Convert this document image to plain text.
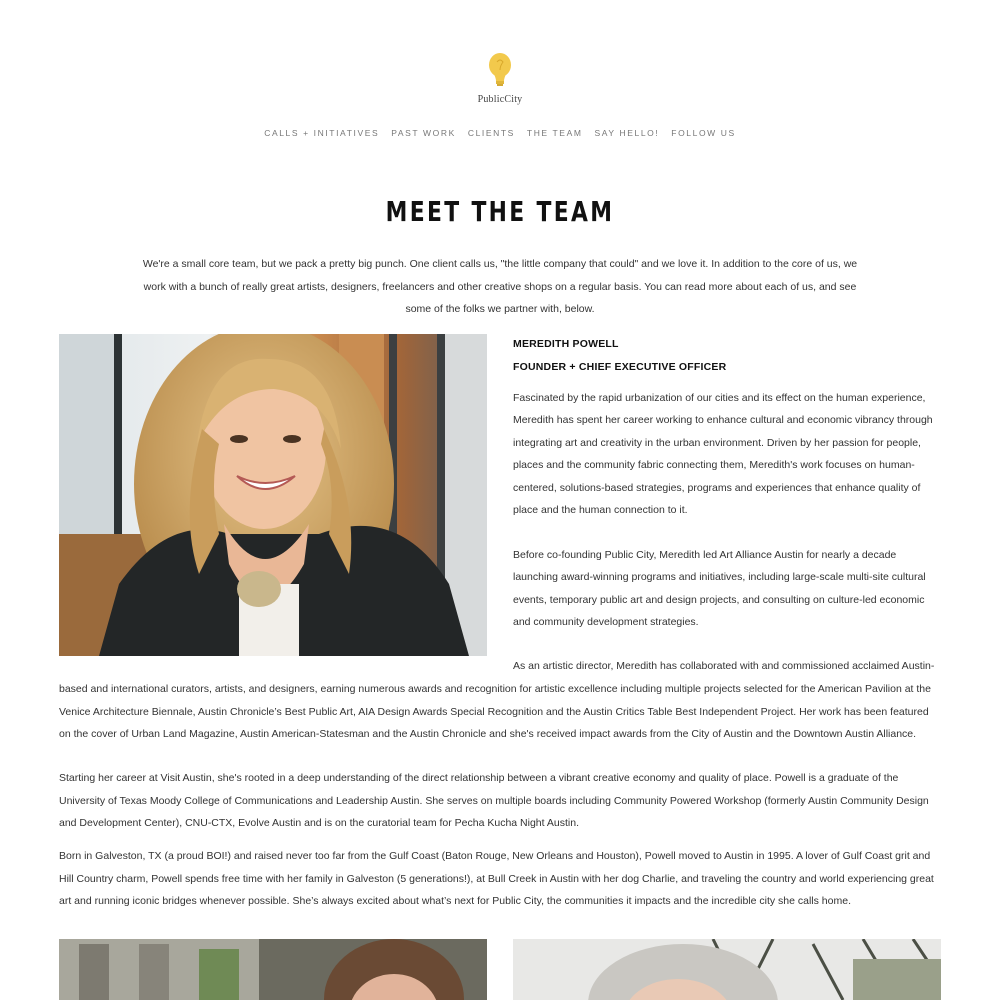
PublicCity
CALLS + INITIATIVES PAST WORK CLIENTS THE TEAM SAY HELLO! FOLLOW US
MEET THE TEAM

We're a small core team, but we pack a pretty big punch. One client calls us, "the little company that could" and we love it. In addition to the core of us, we work with a bunch of really great artists, designers, freelancers and other creative shops on a regular basis. You can read more about each of us, and see some of the folks we partner with, below.

MEREDITH POWELL
FOUNDER + CHIEF EXECUTIVE OFFICER

Fascinated by the rapid urbanization of our cities and its effect on the human experience, Meredith has spent her career working to enhance cultural and economic vibrancy through integrating art and creativity in the urban environment. Driven by her passion for people, places and the community fabric connecting them, Meredith's work focuses on human-centered, solutions-based strategies, programs and experiences that enhance quality of place and the human connection to it.

Before co-founding Public City, Meredith led Art Alliance Austin for nearly a decade launching award-winning programs and initiatives, including large-scale multi-site cultural events, temporary public art and design projects, and consulting on culture-led economic and community development strategies.

As an artistic director, Meredith has collaborated with and commissioned acclaimed Austin-

based and international curators, artists, and designers, earning numerous awards and recognition for artistic excellence including multiple projects selected for the American Pavilion at the Venice Architecture Biennale, Austin Chronicle’s Best Public Art, AIA Design Awards Special Recognition and the Austin Critics Table Best Independent Project. Her work has been featured on the cover of Urban Land Magazine, Austin American-Statesman and the Austin Chronicle and she's received impact awards from the City of Austin and the Downtown Austin Alliance.

Starting her career at Visit Austin, she's rooted in a deep understanding of the direct relationship between a vibrant creative economy and quality of place. Powell is a graduate of the University of Texas Moody College of Communications and Leadership Austin. She serves on multiple boards including Community Powered Workshop (formerly Austin Community Design and Development Center), CNU-CTX, Evolve Austin and is on the curatorial team for Pecha Kucha Night Austin.

Born in Galveston, TX (a proud BOI!) and raised never too far from the Gulf Coast (Baton Rouge, New Orleans and Houston), Powell moved to Austin in 1995. A lover of Gulf Coast grit and Hill Country charm, Powell spends free time with her family in Galveston (5 generations!), at Bull Creek in Austin with her dog Charlie, and traveling the country and world experiencing great art and running iconic bridges whenever possible. She’s always excited about what’s next for Public City, the communities it impacts and the incredible city she calls home.
